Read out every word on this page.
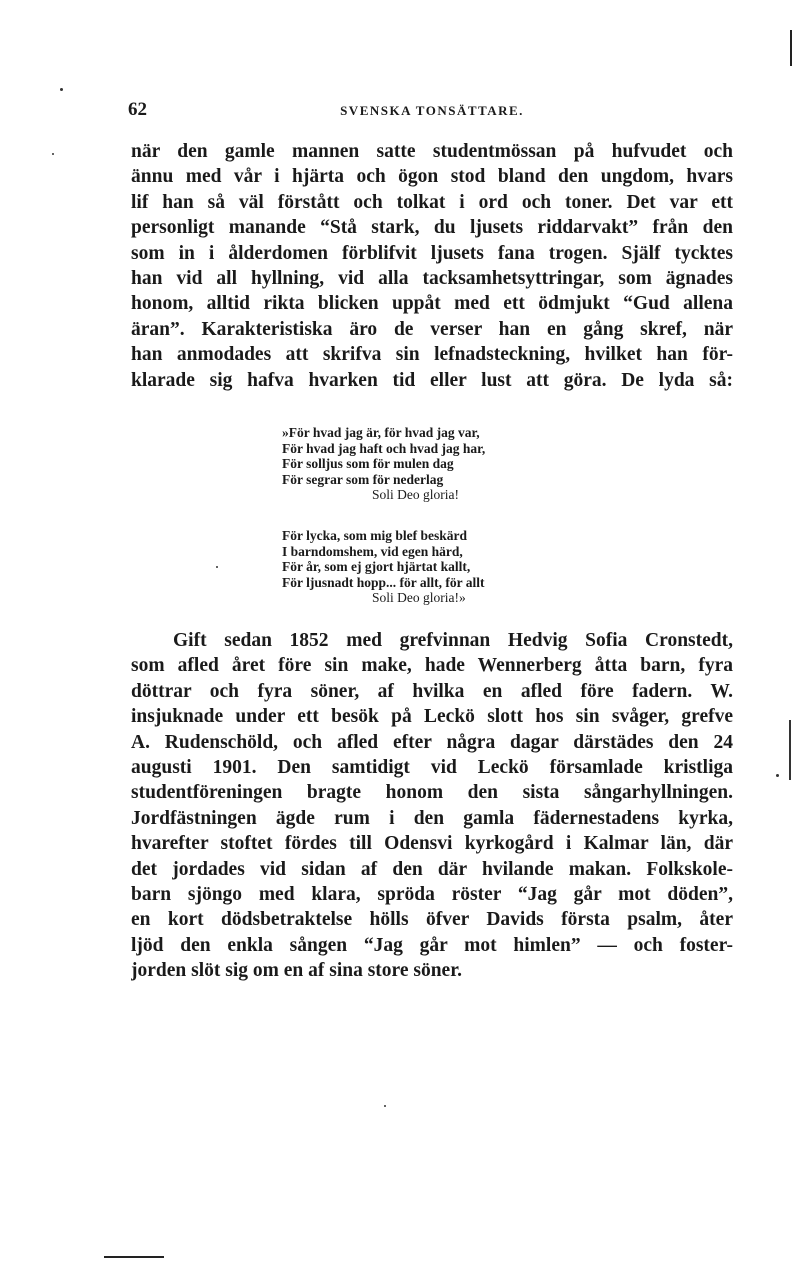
62	SVENSKA TONSÄTTARE.
när den gamle mannen satte studentmössan på hufvudet och
ännu med vår i hjärta och ögon stod bland den ungdom, hvars
lif han så väl förstått och tolkat i ord och toner. Det var ett
personligt manande “Stå stark, du ljusets riddarvakt” från den
som in i ålderdomen förblifvit ljusets fana trogen. Själf tycktes
han vid all hyllning, vid alla tacksamhetsyttringar, som ägnades
honom, alltid rikta blicken uppåt med ett ödmjukt “Gud allena
äran”. Karakteristiska äro de verser han en gång skref, när
han anmodades att skrifva sin lefnadsteckning, hvilket han för-
klarade sig hafva hvarken tid eller lust att göra. De lyda så:
»För hvad jag är, för hvad jag var,
För hvad jag haft och hvad jag har,
För solljus som för mulen dag
För segrar som för nederlag
Soli Deo gloria!
För lycka, som mig blef beskärd
I barndomshem, vid egen härd,
För år, som ej gjort hjärtat kallt,
För ljusnadt hopp... för allt, för allt
Soli Deo gloria!»
Gift sedan 1852 med grefvinnan Hedvig Sofia Cronstedt,
som afled året före sin make, hade Wennerberg åtta barn, fyra
döttrar och fyra söner, af hvilka en afled före fadern. W.
insjuknade under ett besök på Leckö slott hos sin svåger, grefve
A. Rudenschöld, och afled efter några dagar därstädes den 24
augusti 1901. Den samtidigt vid Leckö församlade kristliga
studentföreningen bragte honom den sista sångarhyllningen.
Jordfästningen ägde rum i den gamla fädernestadens kyrka,
hvarefter stoftet fördes till Odensvi kyrkogård i Kalmar län, där
det jordades vid sidan af den där hvilande makan. Folkskole-
barn sjöngo med klara, spröda röster “Jag går mot döden”,
en kort dödsbetraktelse hölls öfver Davids första psalm, åter
ljöd den enkla sången “Jag går mot himlen” — och foster-
jorden slöt sig om en af sina store söner.
